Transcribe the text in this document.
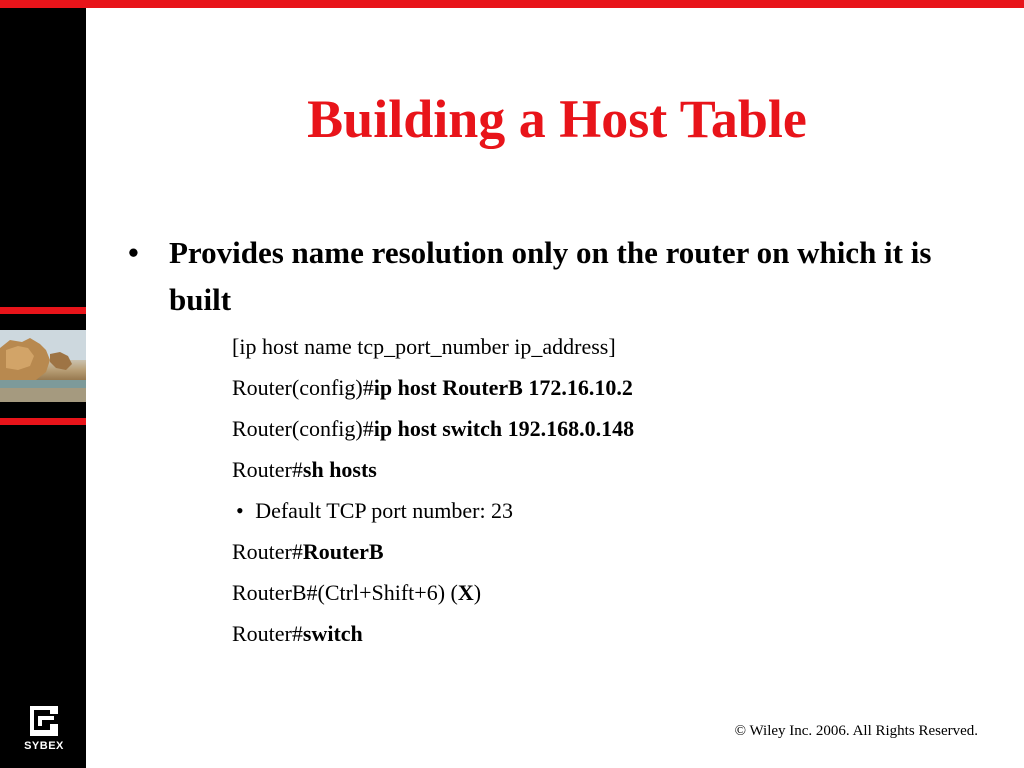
SYBEX
Building a Host Table
• Provides name resolution only on the router on which it is built
[ip host name tcp_port_number ip_address]
Router(config)#ip host RouterB 172.16.10.2
Router(config)#ip host switch 192.168.0.148
Router#sh hosts
• Default TCP port number: 23
Router#RouterB
RouterB#(Ctrl+Shift+6) (X)
Router#switch
© Wiley Inc. 2006. All Rights Reserved.
